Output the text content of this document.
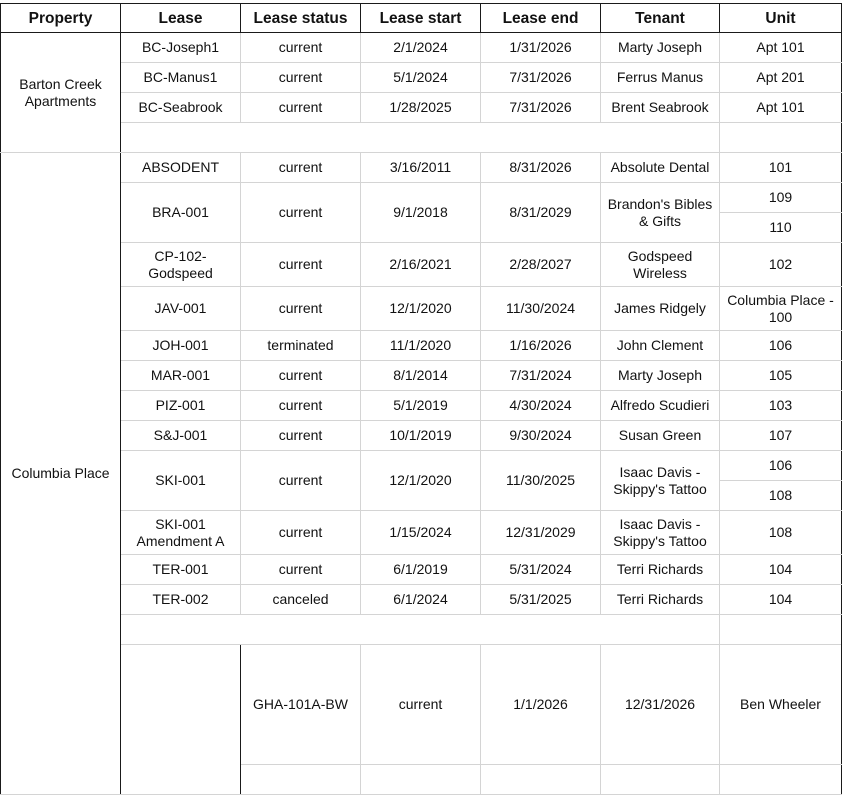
Property	Lease	Lease status	Lease start	Lease end	Tenant	Unit	
Barton Creek Apartments	BC-Joseph1	current	2/1/2024	1/31/2026	Marty Joseph	Apt 101	
	BC-Manus1	current	5/1/2024	7/31/2026	Ferrus Manus	Apt 201	
	BC-Seabrook	current	1/28/2025	7/31/2026	Brent Seabrook	Apt 101	

Columbia Place	ABSODENT	current	3/16/2011	8/31/2026	Absolute Dental	101	
	BRA-001	current	9/1/2018	8/31/2029	Brandon's Bibles & Gifts	109	
						110	
	CP-102-Godspeed	current	2/16/2021	2/28/2027	Godspeed Wireless	102	
	JAV-001	current	12/1/2020	11/30/2024	James Ridgely	Columbia Place - 100	
	JOH-001	terminated	11/1/2020	1/16/2026	John Clement	106	
	MAR-001	current	8/1/2014	7/31/2024	Marty Joseph	105	
	PIZ-001	current	5/1/2019	4/30/2024	Alfredo Scudieri	103	
	S&J-001	current	10/1/2019	9/30/2024	Susan Green	107	
	SKI-001	current	12/1/2020	11/30/2025	Isaac Davis - Skippy's Tattoo	106	
						108	
	SKI-001 Amendment A	current	1/15/2024	12/31/2029	Isaac Davis - Skippy's Tattoo	108	
	TER-001	current	6/1/2019	5/31/2024	Terri Richards	104	
	TER-002	canceled	6/1/2024	5/31/2025	Terri Richards	104	

		GHA-101A-BW	current	1/1/2026	12/31/2026	Ben Wheeler	
